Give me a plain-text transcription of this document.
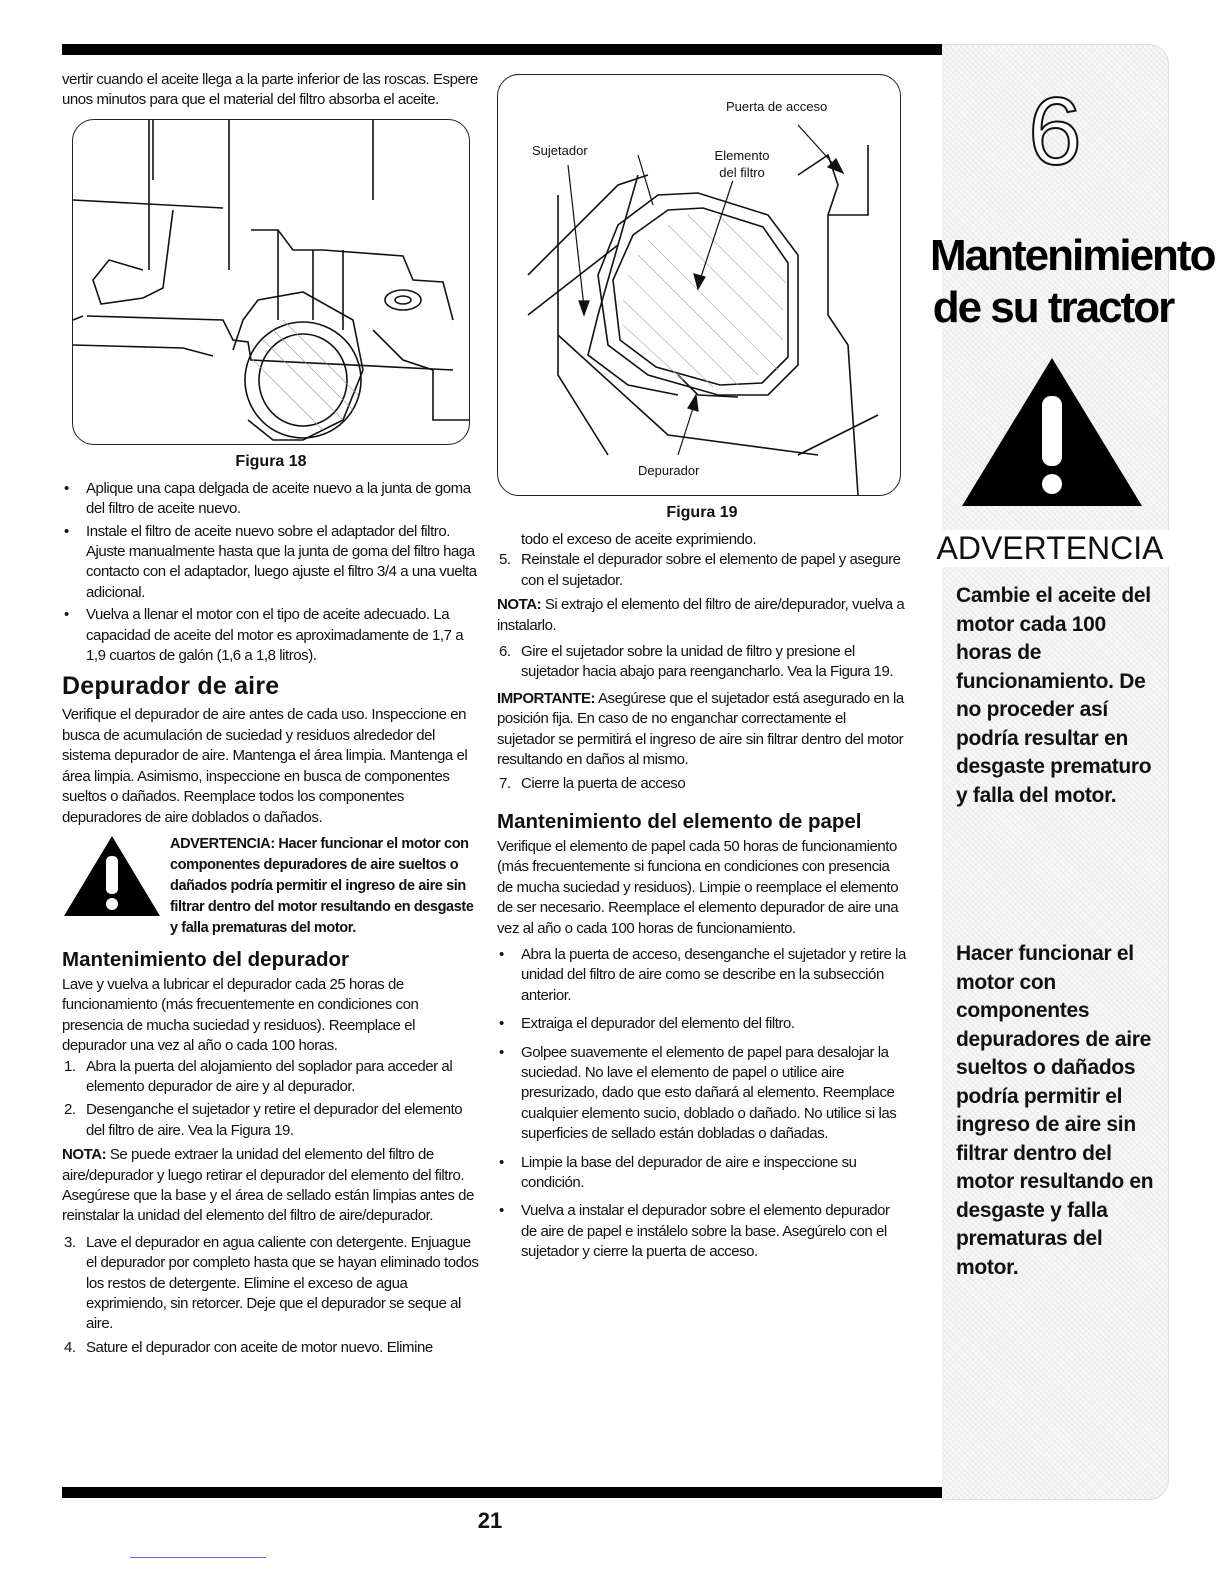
vertir cuando el aceite llega a la parte inferior de las roscas. Espere unos minutos para que el material del filtro absorba el aceite.

Figura 18
• Aplique una capa delgada de aceite nuevo a la junta de goma del filtro de aceite nuevo.
• Instale el filtro de aceite nuevo sobre el adaptador del filtro. Ajuste manualmente hasta que la junta de goma del filtro haga contacto con el adaptador, luego ajuste el filtro 3/4 a una vuelta adicional.
• Vuelva a llenar el motor con el tipo de aceite adecuado. La capacidad de aceite del motor es aproximadamente de 1,7 a 1,9 cuartos de galón (1,6 a 1,8 litros).
Depurador de aire

Verifique el depurador de aire antes de cada uso. Inspeccione en busca de acumulación de suciedad y residuos alrededor del sistema depurador de aire. Mantenga el área limpia. Mantenga el área limpia. Asimismo, inspeccione en busca de componentes sueltos o dañados. Reemplace todos los componentes depuradores de aire doblados o dañados.

ADVERTENCIA: Hacer funcionar el motor con componentes depuradores de aire sueltos o dañados podría permitir el ingreso de aire sin filtrar dentro del motor resultando en desgaste y falla prematuras del motor.
Mantenimiento del depurador

Lave y vuelva a lubricar el depurador cada 25 horas de funcionamiento (más frecuentemente en condiciones con presencia de mucha suciedad y residuos). Reemplace el depurador una vez al año o cada 100 horas.

1. Abra la puerta del alojamiento del soplador para acceder al elemento depurador de aire y al depurador.
2. Desenganche el sujetador y retire el depurador del elemento del filtro de aire. Vea la Figura 19.

NOTA: Se puede extraer la unidad del elemento del filtro de aire/depurador y luego retirar el depurador del elemento del filtro. Asegúrese que la base y el área de sellado están limpias antes de reinstalar la unidad del elemento del filtro de aire/depurador.

3. Lave el depurador en agua caliente con detergente. Enjuague el depurador por completo hasta que se hayan eliminado todos los restos de detergente. Elimine el exceso de agua exprimiendo, sin retorcer. Deje que el depurador se seque al aire.
4. Sature el depurador con aceite de motor nuevo. Elimine
Puerta de acceso
Sujetador	Elemento del filtro
Depurador
Figura 19

todo el exceso de aceite exprimiendo.

5. Reinstale el depurador sobre el elemento de papel y asegure con el sujetador.

NOTA: Si extrajo el elemento del filtro de aire/depurador, vuelva a instalarlo.

6. Gire el sujetador sobre la unidad de filtro y presione el sujetador hacia abajo para reengancharlo. Vea la Figura 19.

IMPORTANTE: Asegúrese que el sujetador está asegurado en la posición fija. En caso de no enganchar correctamente el sujetador se permitirá el ingreso de aire sin filtrar dentro del motor resultando en daños al mismo.

7. Cierre la puerta de acceso
Mantenimiento del elemento de papel

Verifique el elemento de papel cada 50 horas de funcionamiento (más frecuentemente si funciona en condiciones con presencia de mucha suciedad y residuos). Limpie o reemplace el elemento de ser necesario. Reemplace el elemento depurador de aire una vez al año o cada 100 horas de funcionamiento.

• Abra la puerta de acceso, desenganche el sujetador y retire la unidad del filtro de aire como se describe en la subsección anterior.
• Extraiga el depurador del elemento del filtro.
• Golpee suavemente el elemento de papel para desalojar la suciedad. No lave el elemento de papel o utilice aire presurizado, dado que esto dañará al elemento. Reemplace cualquier elemento sucio, doblado o dañado. No utilice si las superficies de sellado están dobladas o dañadas.
• Limpie la base del depurador de aire e inspeccione su condición.
• Vuelva a instalar el depurador sobre el elemento depurador de aire de papel e instálelo sobre la base. Asegúrelo con el sujetador y cierre la puerta de acceso.
6
Mantenimiento
de su tractor
ADVERTENCIA
Cambie el aceite del motor cada 100 horas de funcionamiento. De no proceder así podría resultar en desgaste prematuro y falla del motor.
Hacer funcionar el motor con componentes depuradores de aire sueltos o dañados podría permitir el ingreso de aire sin filtrar dentro del motor resultando en desgaste y falla prematuras del motor.
21
